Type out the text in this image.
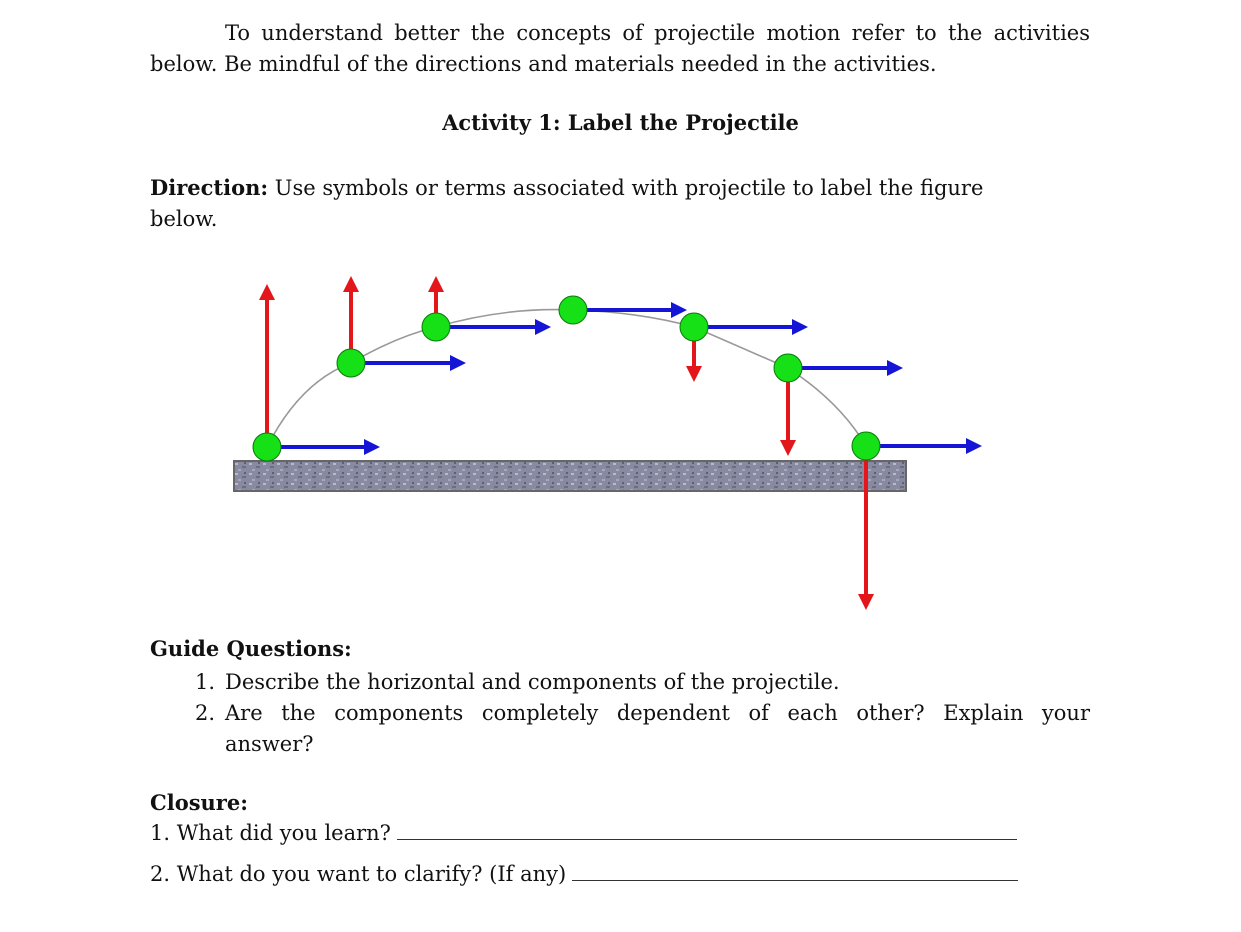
To understand better the concepts of projectile motion refer to the activities below. Be mindful of the directions and materials needed in the activities.

Activity 1: Label the Projectile
Direction: Use symbols or terms associated with projectile to label the figure below.
Guide Questions:
1. Describe the horizontal and components of the projectile.
2. Are the components completely dependent of each other? Explain your
answer?
Closure:
1. What did you learn?
2. What do you want to clarify? (If any)
